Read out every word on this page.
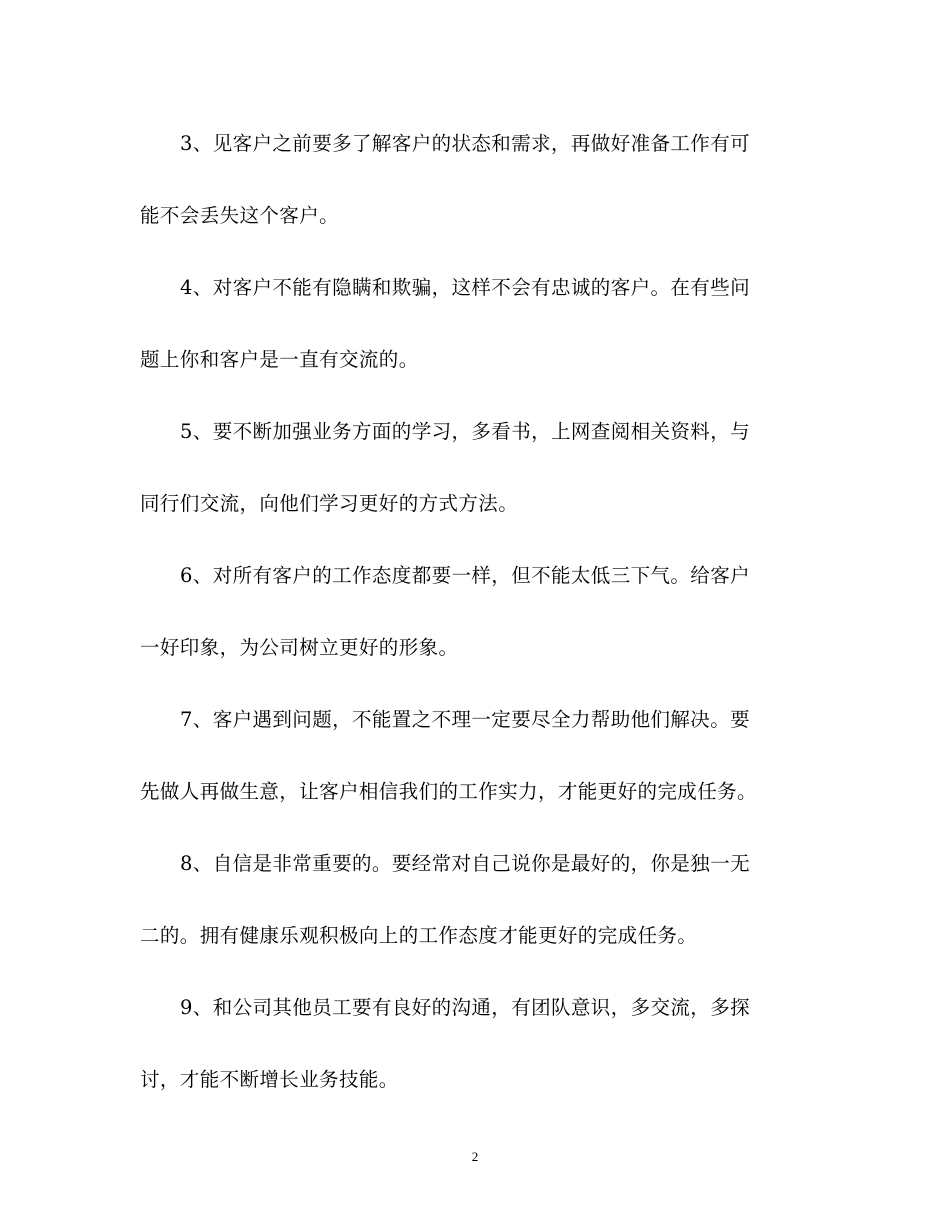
3、见客户之前要多了解客户的状态和需求，再做好准备工作有可
能不会丢失这个客户。

4、对客户不能有隐瞒和欺骗，这样不会有忠诚的客户。在有些问
题上你和客户是一直有交流的。

5、要不断加强业务方面的学习，多看书，上网查阅相关资料，与
同行们交流，向他们学习更好的方式方法。

6、对所有客户的工作态度都要一样，但不能太低三下气。给客户
一好印象，为公司树立更好的形象。

7、客户遇到问题，不能置之不理一定要尽全力帮助他们解决。要
先做人再做生意，让客户相信我们的工作实力，才能更好的完成任务。

8、自信是非常重要的。要经常对自己说你是最好的，你是独一无
二的。拥有健康乐观积极向上的工作态度才能更好的完成任务。

9、和公司其他员工要有良好的沟通，有团队意识，多交流，多探
讨，才能不断增长业务技能。

2
